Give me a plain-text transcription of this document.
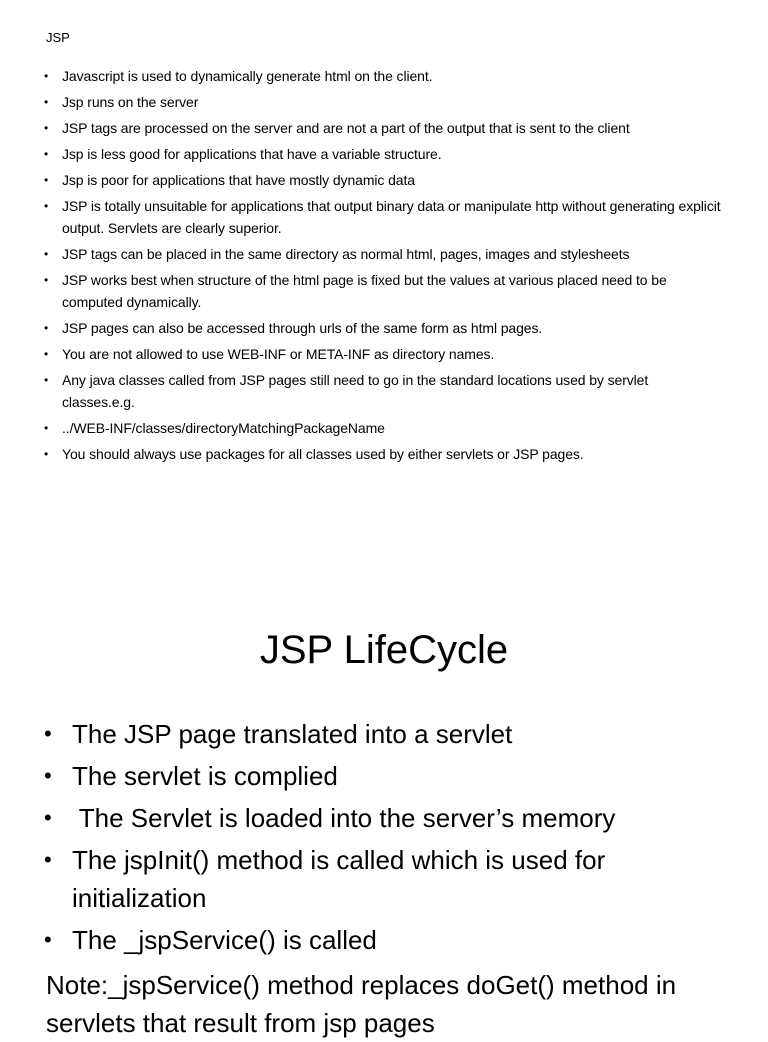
JSP
• Javascript is used to dynamically generate html on the client.
• Jsp runs on the server
• JSP tags are processed on the server and are not a part of the output that is sent to the client
• Jsp is less good for applications that have a variable structure.
• Jsp is poor for applications that have mostly dynamic data
• JSP is totally unsuitable for applications that output binary data or manipulate http without generating explicit output. Servlets are clearly superior.
• JSP tags can be placed in the same directory as normal html, pages, images and stylesheets
• JSP works best when structure of the html page is fixed but the values at various placed need to be computed dynamically.
• JSP pages can also be accessed through urls of the same form as html pages.
• You are not allowed to use WEB-INF or META-INF as directory names.
• Any java classes called from JSP pages still need to go in the standard locations used by servlet classes.e.g.
• ../WEB-INF/classes/directoryMatchingPackageName
• You should always use packages for all classes used by either servlets or JSP pages.
JSP LifeCycle
• The JSP page translated into a servlet
• The servlet is complied
• The Servlet is loaded into the server’s memory
• The jspInit() method is called which is used for initialization
• The _jspService() is called
Note:_jspService() method replaces doGet() method in servlets that result from jsp pages
